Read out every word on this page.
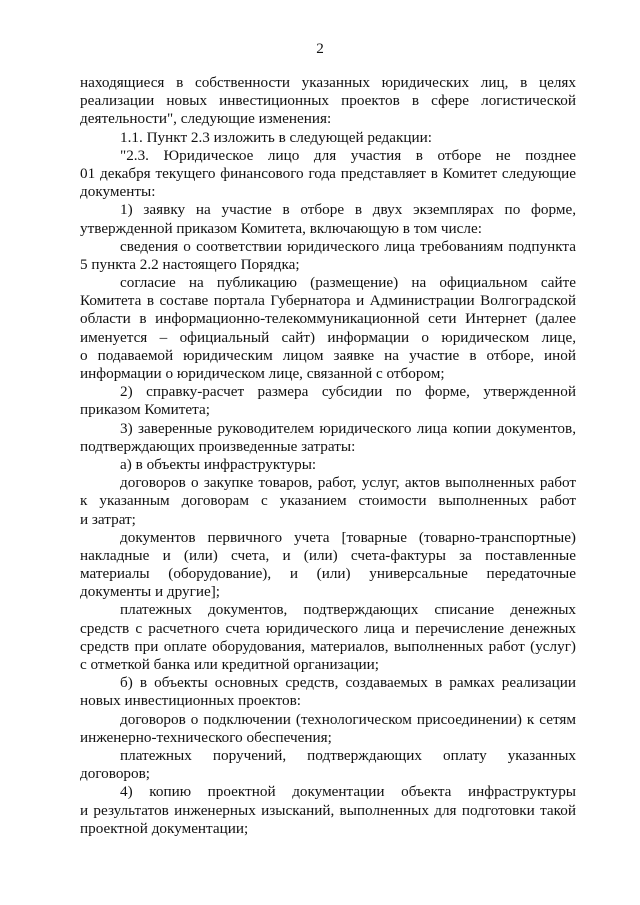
2
находящиеся в собственности указанных юридических лиц, в целях
реализации новых инвестиционных проектов в сфере логистической
деятельности", следующие изменения:
1.1. Пункт 2.3 изложить в следующей редакции:
"2.3. Юридическое лицо для участия в отборе не позднее
01 декабря текущего финансового года представляет в Комитет следующие
документы:
1) заявку на участие в отборе в двух экземплярах по форме,
утвержденной приказом Комитета, включающую в том числе:
сведения о соответствии юридического лица требованиям подпункта
5 пункта 2.2 настоящего Порядка;
согласие на публикацию (размещение) на официальном сайте
Комитета в составе портала Губернатора и Администрации Волгоградской
области в информационно-телекоммуникационной сети Интернет (далее
именуется – официальный сайт) информации о юридическом лице,
о подаваемой юридическим лицом заявке на участие в отборе, иной
информации о юридическом лице, связанной с отбором;
2) справку-расчет размера субсидии по форме, утвержденной
приказом Комитета;
3) заверенные руководителем юридического лица копии документов,
подтверждающих произведенные затраты:
а) в объекты инфраструктуры:
договоров о закупке товаров, работ, услуг, актов выполненных работ
к указанным договорам с указанием стоимости выполненных работ
и затрат;
документов первичного учета [товарные (товарно-транспортные)
накладные и (или) счета, и (или) счета-фактуры за поставленные
материалы (оборудование), и (или) универсальные передаточные
документы и другие];
платежных документов, подтверждающих списание денежных
средств с расчетного счета юридического лица и перечисление денежных
средств при оплате оборудования, материалов, выполненных работ (услуг)
с отметкой банка или кредитной организации;
б) в объекты основных средств, создаваемых в рамках реализации
новых инвестиционных проектов:
договоров о подключении (технологическом присоединении) к сетям
инженерно-технического обеспечения;
платежных поручений, подтверждающих оплату указанных
договоров;
4) копию проектной документации объекта инфраструктуры
и результатов инженерных изысканий, выполненных для подготовки такой
проектной документации;
